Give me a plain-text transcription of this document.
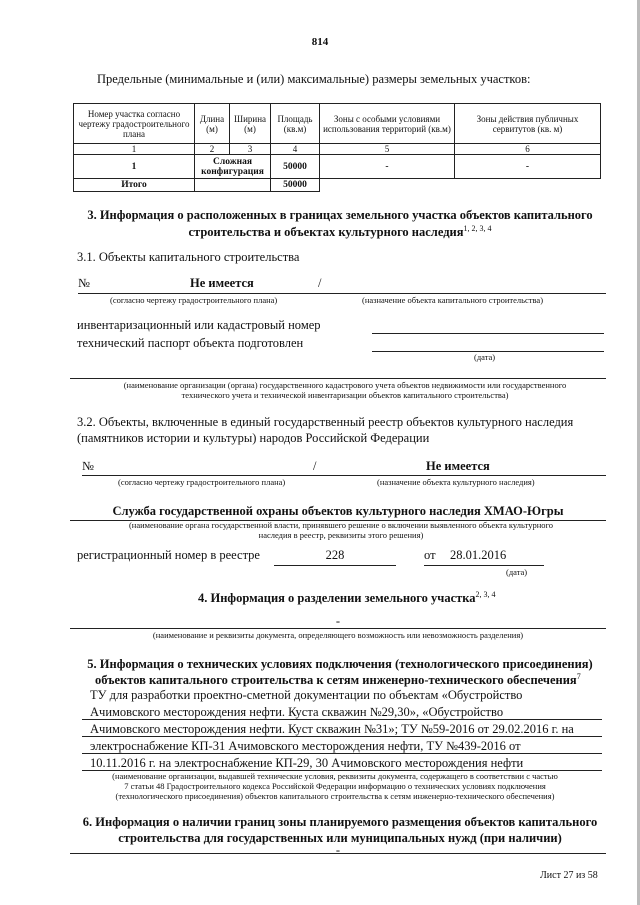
814
Предельные (минимальные и (или) максимальные) размеры земельных участков:
Номер участка согласно чертежу градостроительного плана	Длина (м)	Ширина (м)	Площадь (кв.м)	Зоны с особыми условиями использования территорий (кв.м)	Зоны действия публичных сервитутов (кв. м)
1	2	3	4	5	6
1	Сложная конфигурация		50000	-	-
Итого			50000		
3. Информация о расположенных в границах земельного участка объектов капитального
строительства и объектах культурного наследия$^{1, 2, 3, 4}$
3.1. Объекты капитального строительства
№	Не имеется	/
(согласно чертежу градостроительного плана)	(назначение объекта капитального строительства)
инвентаризационный или кадастровый номер
технический паспорт объекта подготовлен
(дата)
(наименование организации (органа) государственного кадастрового учета объектов недвижимости или государственного
технического учета и технической инвентаризации объектов капитального строительства)
3.2. Объекты, включенные в единый государственный реестр объектов культурного наследия
(памятников истории и культуры) народов Российской Федерации
№	/	Не имеется
(согласно чертежу градостроительного плана)	(назначение объекта культурного наследия)
Служба государственной охраны объектов культурного наследия ХМАО-Югры
(наименование органа государственной власти, принявшего решение о включении выявленного объекта культурного
наследия в реестр, реквизиты этого решения)
регистрационный номер в реестре	228	от 28.01.2016
(дата)
4. Информация о разделении земельного участка$^{2, 3, 4}$
-
(наименование и реквизиты документа, определяющего возможность или невозможность разделения)
5. Информация о технических условиях подключения (технологического присоединения)
объектов капитального строительства к сетям инженерно-технического обеспечения$^7$
ТУ для разработки проектно-сметной документации по объектам «Обустройство
Ачимовского месторождения нефти. Куста скважин №29,30», «Обустройство
Ачимовского месторождения нефти. Куст скважин №31»; ТУ №59-2016 от 29.02.2016 г. на
электроснабжение КП-31 Ачимовского месторождения нефти, ТУ №439-2016 от
10.11.2016 г. на электроснабжение КП-29, 30 Ачимовского месторождения нефти
(наименование организации, выдавшей технические условия, реквизиты документа, содержащего в соответствии с частью
7 статьи 48 Градостроительного кодекса Российской Федерации информацию о технических условиях подключения
(технологического присоединения) объектов капитального строительства к сетям инженерно-технического обеспечения)
6. Информация о наличии границ зоны планируемого размещения объектов капитального
строительства для государственных или муниципальных нужд (при наличии)
-
Лист 27 из 58
